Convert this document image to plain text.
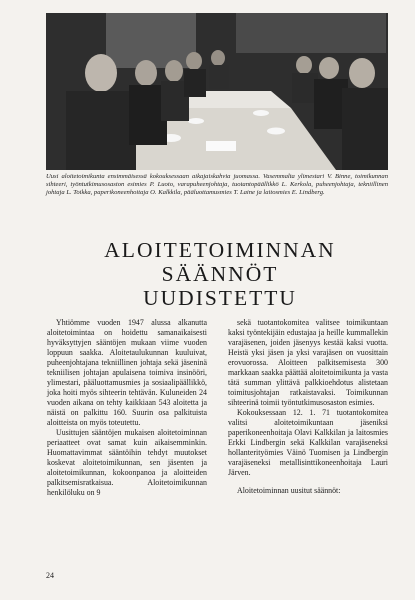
Uusi aloitetoimikunta ensimmäisessä kokouksessaan aikajaiskahvia juomassa. Vasemmalta ylimestari V. Binne, toimikunnan sihteeri, työntutkimusosaston esimies P. Luoto, varapuheenjohtaja, tuotantopäällikkö L. Kerkola, puheenjohtaja, tekniillinen johtaja L. Toikka, paperikoneenhoitaja O. Kalkkila, pääluottamusmies T. Laine ja laitosmies E. Lindberg.

ALOITETOIMINNAN SÄÄNNÖT
UUDISTETTU

Yhtiömme vuoden 1947 alussa alkanutta aloitetoimintaa on hoidettu samanaikaisesti hyväksyttyjen sääntöjen mukaan viime vuoden loppuun saakka. Aloitetaulukunnan kuuluivat, puheenjohtajana tekniillinen johtaja sekä jäseninä tekniilisen johtajan apulaisena toimiva insinööri, ylimestari, pääluottamusmies ja sosiaalipäällikkö, joka hoiti myös sihteerin tehtävän. Kuluneiden 24 vuoden aikana on tehty kaikkiaan 543 aloitetta ja näistä on palkittu 160. Suurin osa palkituista aloitteista on myös toteutettu.

Uusittujen sääntöjen mukaisen aloitetoiminnan periaatteet ovat samat kuin aikaisemminkin. Huomattavimmat sääntöihin tehdyt muutokset koskevat aloitetoimikunnan, sen jäsenten ja aloitetoimikunnan, kokoonpanoa ja aloitteiden palkitsemisratkaisua. Aloitetoimikunnan henkilöluku on 9

sekä tuotantokomitea valitsee toimikuntaan kaksi työntekijäin edustajaa ja heille kummallekin varajäsenen, joiden jäsenyys kestää kaksi vuotta. Heistä yksi jäsen ja yksi varajäsen on vuosittain erovuorossa. Aloitteen palkitsemisesta 300 markkaan saakka päättää aloitetoimikunta ja vasta tätä summan ylittävä palkkioehdotus alistetaan toimitusjohtajan ratkaistavaksi. Toimikunnan sihteerinä toimii työntutkimusosaston esimies.

Kokouksessaan 12. 1. 71 tuotantokomitea valitsi aloitetoimikuntaan jäseniksi paperikoneenhoitaja Olavi Kalkkilan ja laitosmies Erkki Lindbergin sekä Kalkkilan varajäseneksi hollanterityömies Väinö Tuomisen ja Lindbergin varajäseneksi metallisinttikoneenhoitaja Lauri Järven.

Aloitetoiminnan uusitut säännöt:

24
